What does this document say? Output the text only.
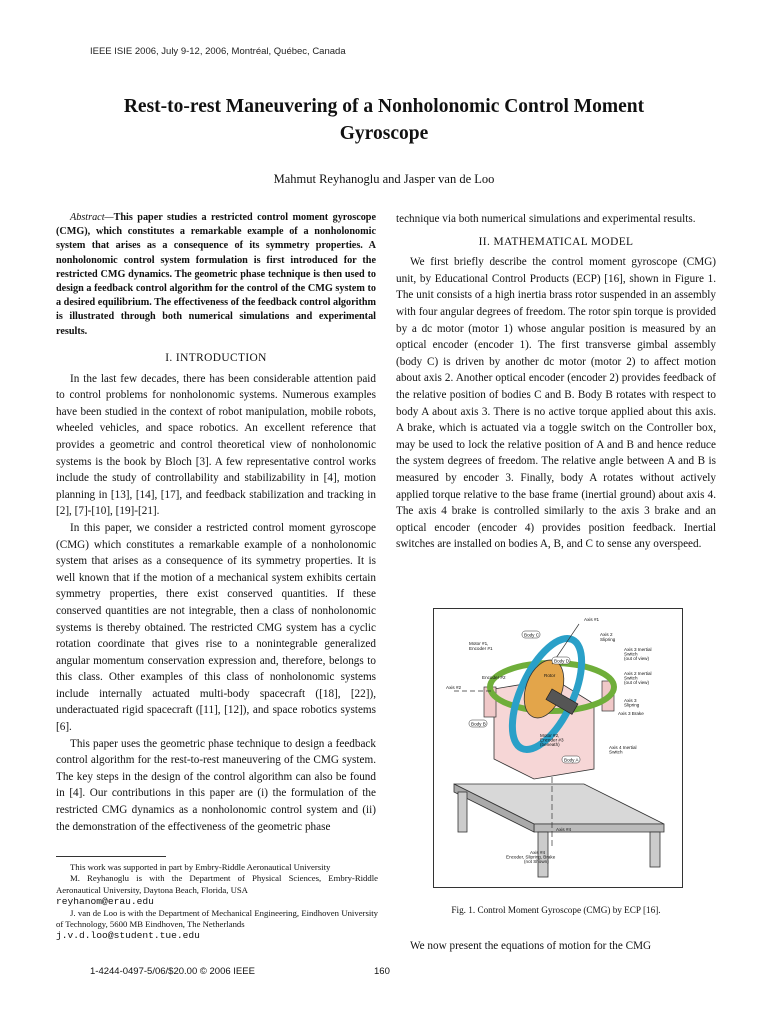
IEEE ISIE 2006, July 9-12, 2006, Montréal, Québec, Canada
Rest-to-rest Maneuvering of a Nonholonomic Control Moment
Gyroscope
Mahmut Reyhanoglu and Jasper van de Loo

Abstract—This paper studies a restricted control moment gyroscope (CMG), which constitutes a remarkable example of a nonholonomic system that arises as a consequence of its symmetry properties. A nonholonomic control system formulation is first introduced for the restricted CMG dynamics. The geometric phase technique is then used to design a feedback control algorithm for the control of the CMG system to a desired equilibrium. The effectiveness of the feedback control algorithm is illustrated through both numerical simulations and experimental results.

I. INTRODUCTION

In the last few decades, there has been considerable attention paid to control problems for nonholonomic systems. Numerous examples have been studied in the context of robot manipulation, mobile robots, wheeled vehicles, and space robotics. An excellent reference that provides a geometric and control theoretical view of nonholonomic systems is the book by Bloch [3]. A few representative control works include the study of controllability and stabilizability in [4], motion planning in [13], [14], [17], and feedback stabilization and tracking in [2], [7]-[10], [19]-[21].

In this paper, we consider a restricted control moment gyroscope (CMG) which constitutes a remarkable example of a nonholonomic system that arises as a consequence of its symmetry properties. It is well known that if the motion of a mechanical system exhibits certain symmetry properties, there exist conserved quantities. If these conserved quantities are not integrable, then a class of nonholonomic systems is thereby obtained. The restricted CMG system has a cyclic rotation coordinate that gives rise to a nonintegrable generalized angular momentum conservation expression and, therefore, belongs to this class. Other examples of this class of nonholonomic systems include internally actuated multi-body spacecraft ([18], [22]), underactuated rigid spacecraft ([11], [12]), and space robotics systems [6].

This paper uses the geometric phase technique to design a feedback control algorithm for the rest-to-rest maneuvering of the CMG system. The key steps in the design of the control algorithm can also be found in [4]. Our contributions in this paper are (i) the formulation of the restricted CMG dynamics as a nonholonomic control system and (ii) the demonstration of the effectiveness of the geometric phase

This work was supported in part by Embry-Riddle Aeronautical University

M. Reyhanoglu is with the Department of Physical Sciences, Embry-Riddle Aeronautical University, Daytona Beach, Florida, USA

reyhanom@erau.edu

J. van de Loo is with the Department of Mechanical Engineering, Eindhoven University of Technology, 5600 MB Eindhoven, The Netherlands

j.v.d.loo@student.tue.edu

technique via both numerical simulations and experimental results.

II. MATHEMATICAL MODEL

We first briefly describe the control moment gyroscope (CMG) unit, by Educational Control Products (ECP) [16], shown in Figure 1. The unit consists of a high inertia brass rotor suspended in an assembly with four angular degrees of freedom. The rotor spin torque is provided by a dc motor (motor 1) whose angular position is measured by an optical encoder (encoder 1). The first transverse gimbal assembly (body C) is driven by another dc motor (motor 2) to affect motion about axis 2. Another optical encoder (encoder 2) provides feedback of the relative position of bodies C and B. Body B rotates with respect to body A about axis 3. There is no active torque applied about this axis. A brake, which is actuated via a toggle switch on the Controller box, may be used to lock the relative position of A and B and hence reduce the system degrees of freedom. The relative angle between A and B is measured by encoder 3. Finally, body A rotates without actively applied torque relative to the base frame (inertial ground) about axis 4. The axis 4 brake is controlled similarly to the axis 3 brake and an optical encoder (encoder 4) provides position feedback. Inertial switches are installed on bodies A, B, and C to sense any overspeed.

Axis #1
Body C	Axis 2 Slipring
Motor #1, Encoder #1
Body D
Axis 3 Inertial Switch (out of view)
Axis 2 Inertial Switch (out of view)
Encoder #2	Rotor
Axis #2
Axis 3 Slipring
Axis 3 Brake
Body B
Motor #2, Encoder #3 (beneath)
Axis 4 Inertial Switch
Body A
Axis #4
Axis #4 Encoder, Slipring, Brake (not Shown)
Fig. 1. Control Moment Gyroscope (CMG) by ECP [16].

We now present the equations of motion for the CMG

1-4244-0497-5/06/$20.00 © 2006 IEEE	160
